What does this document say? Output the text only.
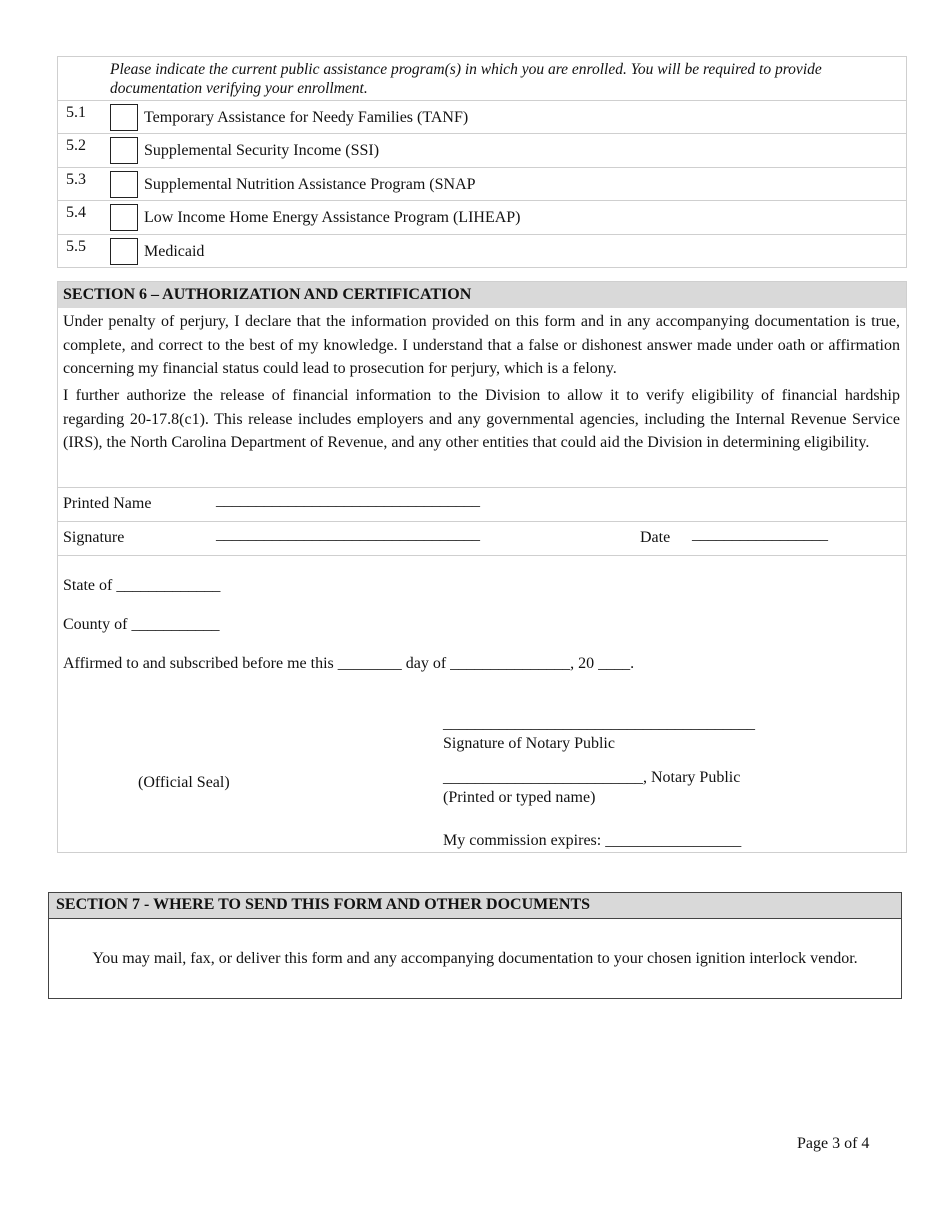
Please indicate the current public assistance program(s) in which you are enrolled. You will be required to provide documentation verifying your enrollment.
5.1	Temporary Assistance for Needy Families (TANF)
5.2	Supplemental Security Income (SSI)
5.3	Supplemental Nutrition Assistance Program (SNAP
5.4	Low Income Home Energy Assistance Program (LIHEAP)
5.5	Medicaid
SECTION 6 – AUTHORIZATION AND CERTIFICATION
Under penalty of perjury, I declare that the information provided on this form and in any accompanying documentation is true, complete, and correct to the best of my knowledge. I understand that a false or dishonest answer made under oath or affirmation concerning my financial status could lead to prosecution for perjury, which is a felony.
I further authorize the release of financial information to the Division to allow it to verify eligibility of financial hardship regarding 20-17.8(c1). This release includes employers and any governmental agencies, including the Internal Revenue Service (IRS), the North Carolina Department of Revenue, and any other entities that could aid the Division in determining eligibility.
Printed Name	_________________________________
Signature	_________________________________	Date _________________
State of _____________
County of ___________
Affirmed to and subscribed before me this ________ day of _______________, 20 ____.
_______________________________________
Signature of Notary Public
(Official Seal)	_________________________, Notary Public
(Printed or typed name)
My commission expires: _________________
SECTION 7 - WHERE TO SEND THIS FORM AND OTHER DOCUMENTS
You may mail, fax, or deliver this form and any accompanying documentation to your chosen ignition interlock vendor.
Page 3 of 4
